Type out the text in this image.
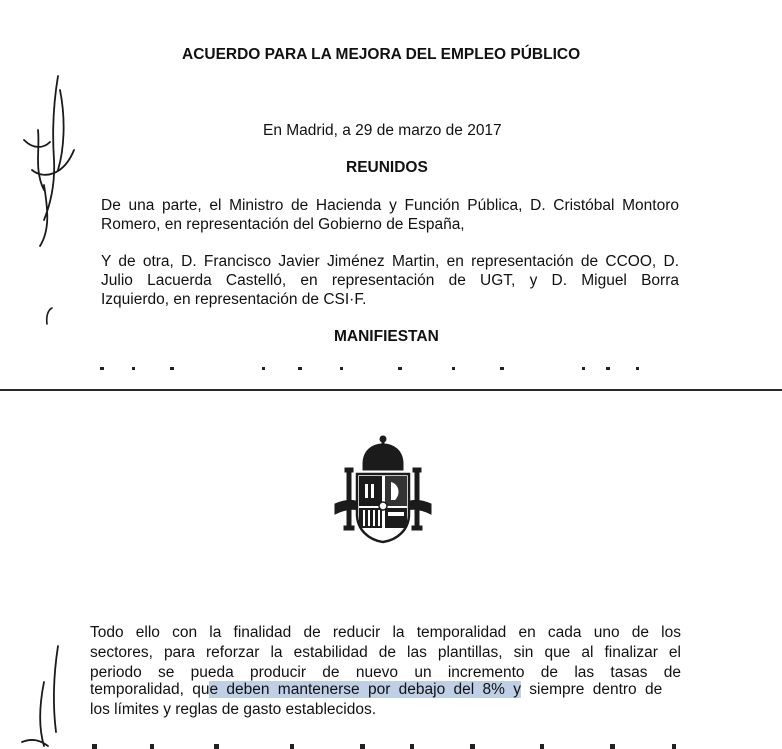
ACUERDO PARA LA MEJORA DEL EMPLEO PÚBLICO
En Madrid, a 29 de marzo de 2017
REUNIDOS
De una parte, el Ministro de Hacienda y Función Pública, D. Cristóbal Montoro
Romero, en representación del Gobierno de España,
Y de otra, D. Francisco Javier Jiménez Martin, en representación de CCOO, D.
Julio Lacuerda Castelló, en representación de UGT, y D. Miguel Borra
Izquierdo, en representación de CSI·F.
MANIFIESTAN
Todo ello con la finalidad de reducir la temporalidad en cada uno de los
sectores, para reforzar la estabilidad de las plantillas, sin que al finalizar el
periodo se pueda producir de nuevo un incremento de las tasas de
temporalidad, que deben mantenerse por debajo del 8% y siempre dentro de
los límites y reglas de gasto establecidos.
